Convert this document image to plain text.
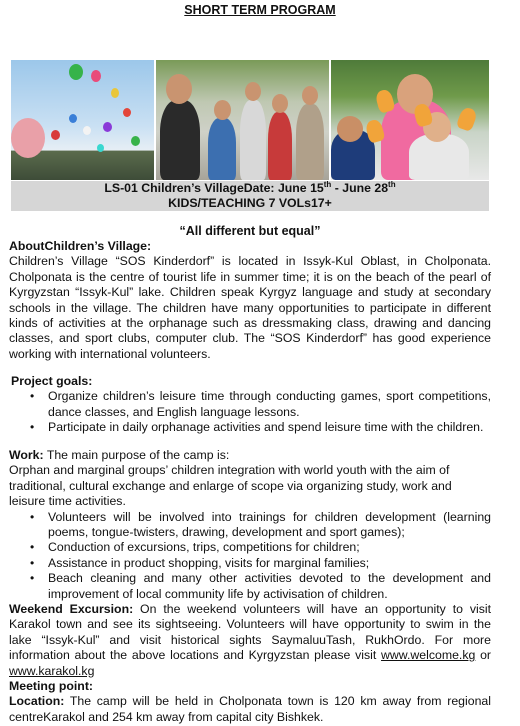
SHORT TERM PROGRAM
LS-01 Children’s VillageDate: June 15th - June 28th
KIDS/TEACHING 7 VOLs17+
“All different but equal”
AboutChildren’s Village:
Children’s Village “SOS Kinderdorf” is located in Issyk-Kul Oblast, in Cholponata. Cholponata is the centre of tourist life in summer time; it is on the beach of the pearl of Kyrgyzstan “Issyk-Kul” lake. Children speak Kyrgyz language and study at secondary schools in the village. The children have many opportunities to participate in different kinds of activities at the orphanage such as dressmaking class, drawing and dancing classes, and sport clubs, computer club. The “SOS Kinderdorf” has good experience working with international volunteers.
Project goals:
• Organize children’s leisure time through conducting games, sport competitions, dance classes, and English language lessons.
• Participate in daily orphanage activities and spend leisure time with the children.
Work: The main purpose of the camp is:
Orphan and marginal groups’ children integration with world youth with the aim of traditional, cultural exchange and enlarge of scope via organizing study, work and leisure time activities.
• Volunteers will be involved into trainings for children development (learning poems, tongue-twisters, drawing, development and sport games);
• Conduction of excursions, trips, competitions for children;
• Assistance in product shopping, visits for marginal families;
• Beach cleaning and many other activities devoted to the development and improvement of local community life by activisation of children.
Weekend Excursion: On the weekend volunteers will have an opportunity to visit Karakol town and see its sightseeing. Volunteers will have opportunity to swim in the lake “Issyk-Kul” and visit historical sights SaymaluuTash, RukhOrdo. For more information about the above locations and Kyrgyzstan please visit www.welcome.kg or www.karakol.kg
Meeting point:
Location: The camp will be held in Cholponata town is 120 km away from regional centreKarakol and 254 km away from capital city Bishkek.
